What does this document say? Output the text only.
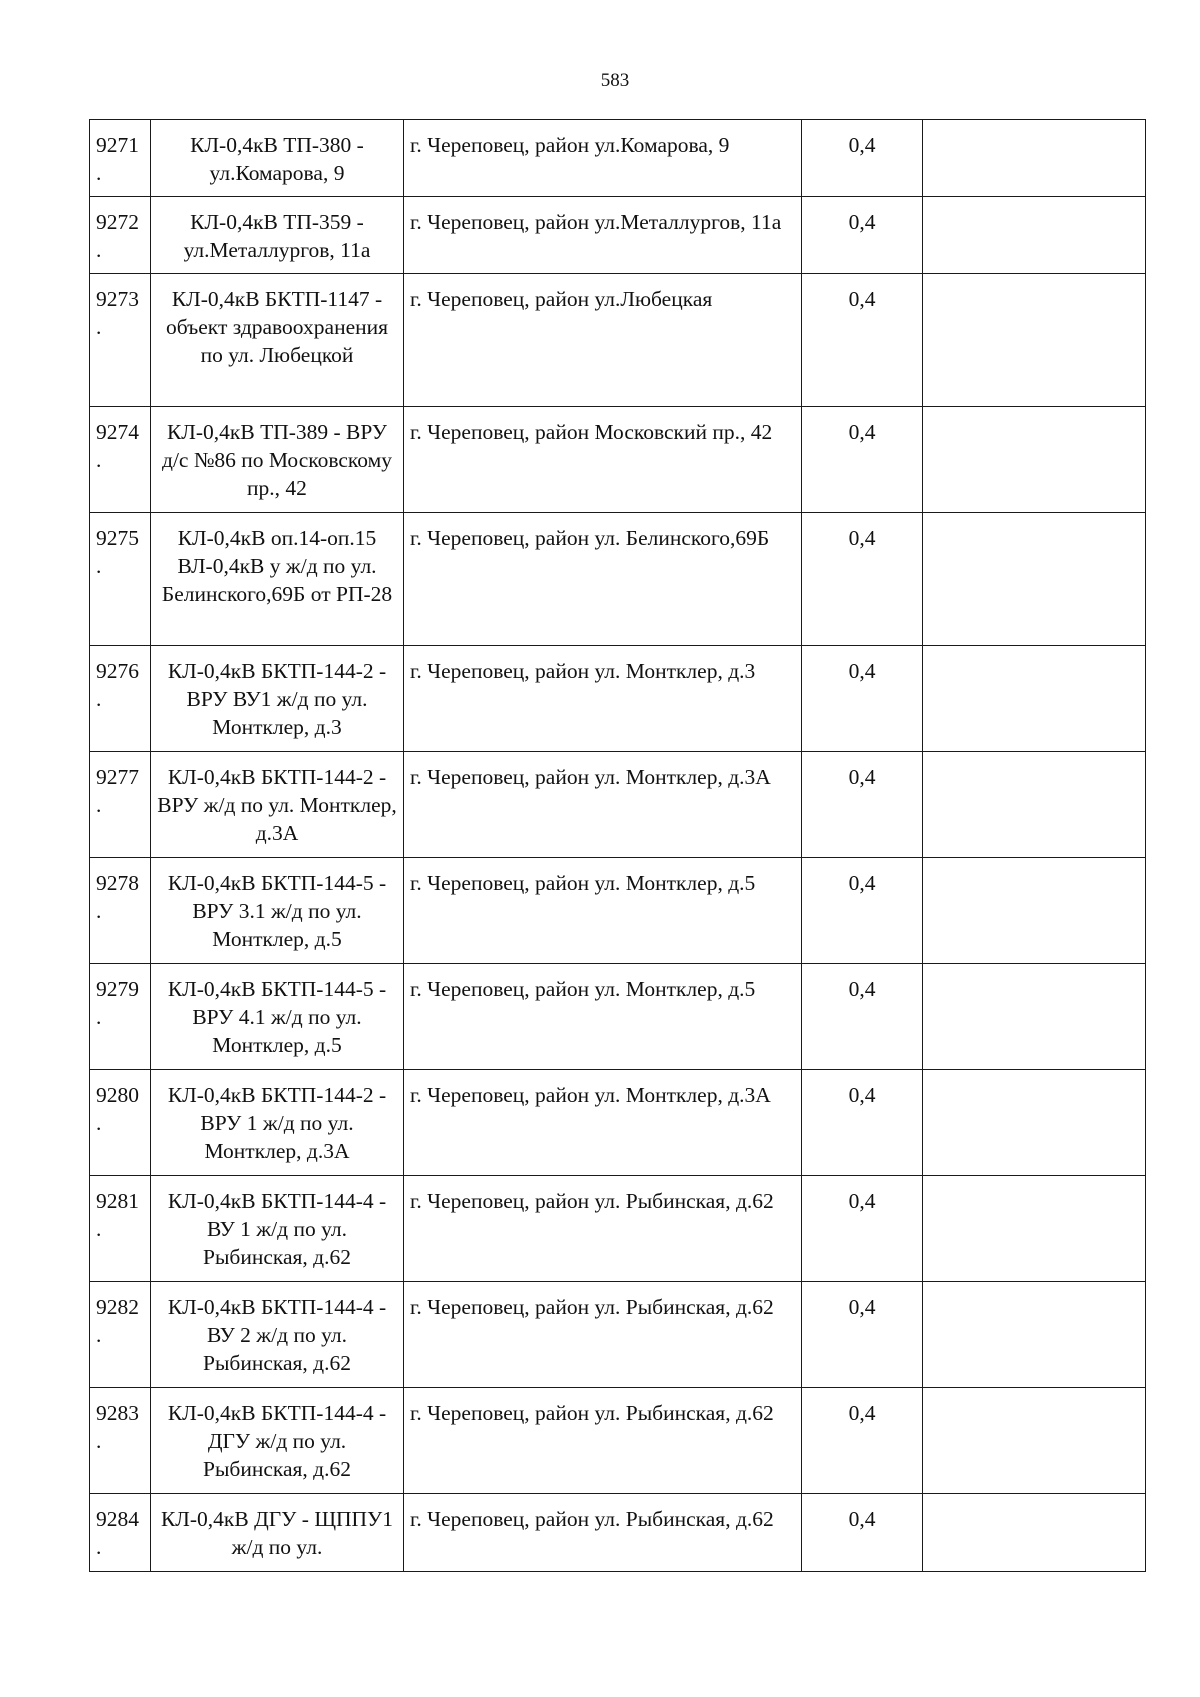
583
9271.	КЛ-0,4кВ ТП-380 - ул.Комарова, 9	г. Череповец, район ул.Комарова, 9	0,4	
9272.	КЛ-0,4кВ ТП-359 - ул.Металлургов, 11а	г. Череповец, район ул.Металлургов, 11а	0,4	
9273.	КЛ-0,4кВ БКТП-1147 - объект здравоохранения по ул. Любецкой	г. Череповец, район ул.Любецкая	0,4	
9274.	КЛ-0,4кВ ТП-389 - ВРУ д/с №86 по Московскому пр., 42	г. Череповец, район Московский пр., 42	0,4	
9275.	КЛ-0,4кВ оп.14-оп.15 ВЛ-0,4кВ у ж/д по ул. Белинского,69Б от РП-28	г. Череповец, район ул. Белинского,69Б	0,4	
9276.	КЛ-0,4кВ БКТП-144-2 - ВРУ ВУ1 ж/д по ул. Монтклер, д.3	г. Череповец, район ул. Монтклер, д.3	0,4	
9277.	КЛ-0,4кВ БКТП-144-2 - ВРУ ж/д по ул. Монтклер, д.3А	г. Череповец, район ул. Монтклер, д.3А	0,4	
9278.	КЛ-0,4кВ БКТП-144-5 - ВРУ 3.1 ж/д по ул. Монтклер, д.5	г. Череповец, район ул. Монтклер, д.5	0,4	
9279.	КЛ-0,4кВ БКТП-144-5 - ВРУ 4.1 ж/д по ул. Монтклер, д.5	г. Череповец, район ул. Монтклер, д.5	0,4	
9280.	КЛ-0,4кВ БКТП-144-2 - ВРУ 1 ж/д по ул. Монтклер, д.3А	г. Череповец, район ул. Монтклер, д.3А	0,4	
9281.	КЛ-0,4кВ БКТП-144-4 - ВУ 1 ж/д по ул. Рыбинская, д.62	г. Череповец, район ул. Рыбинская, д.62	0,4	
9282.	КЛ-0,4кВ БКТП-144-4 - ВУ 2 ж/д по ул. Рыбинская, д.62	г. Череповец, район ул. Рыбинская, д.62	0,4	
9283.	КЛ-0,4кВ БКТП-144-4 - ДГУ ж/д по ул. Рыбинская, д.62	г. Череповец, район ул. Рыбинская, д.62	0,4	
9284.	КЛ-0,4кВ ДГУ - ЩППУ1 ж/д по ул.	г. Череповец, район ул. Рыбинская, д.62	0,4	
